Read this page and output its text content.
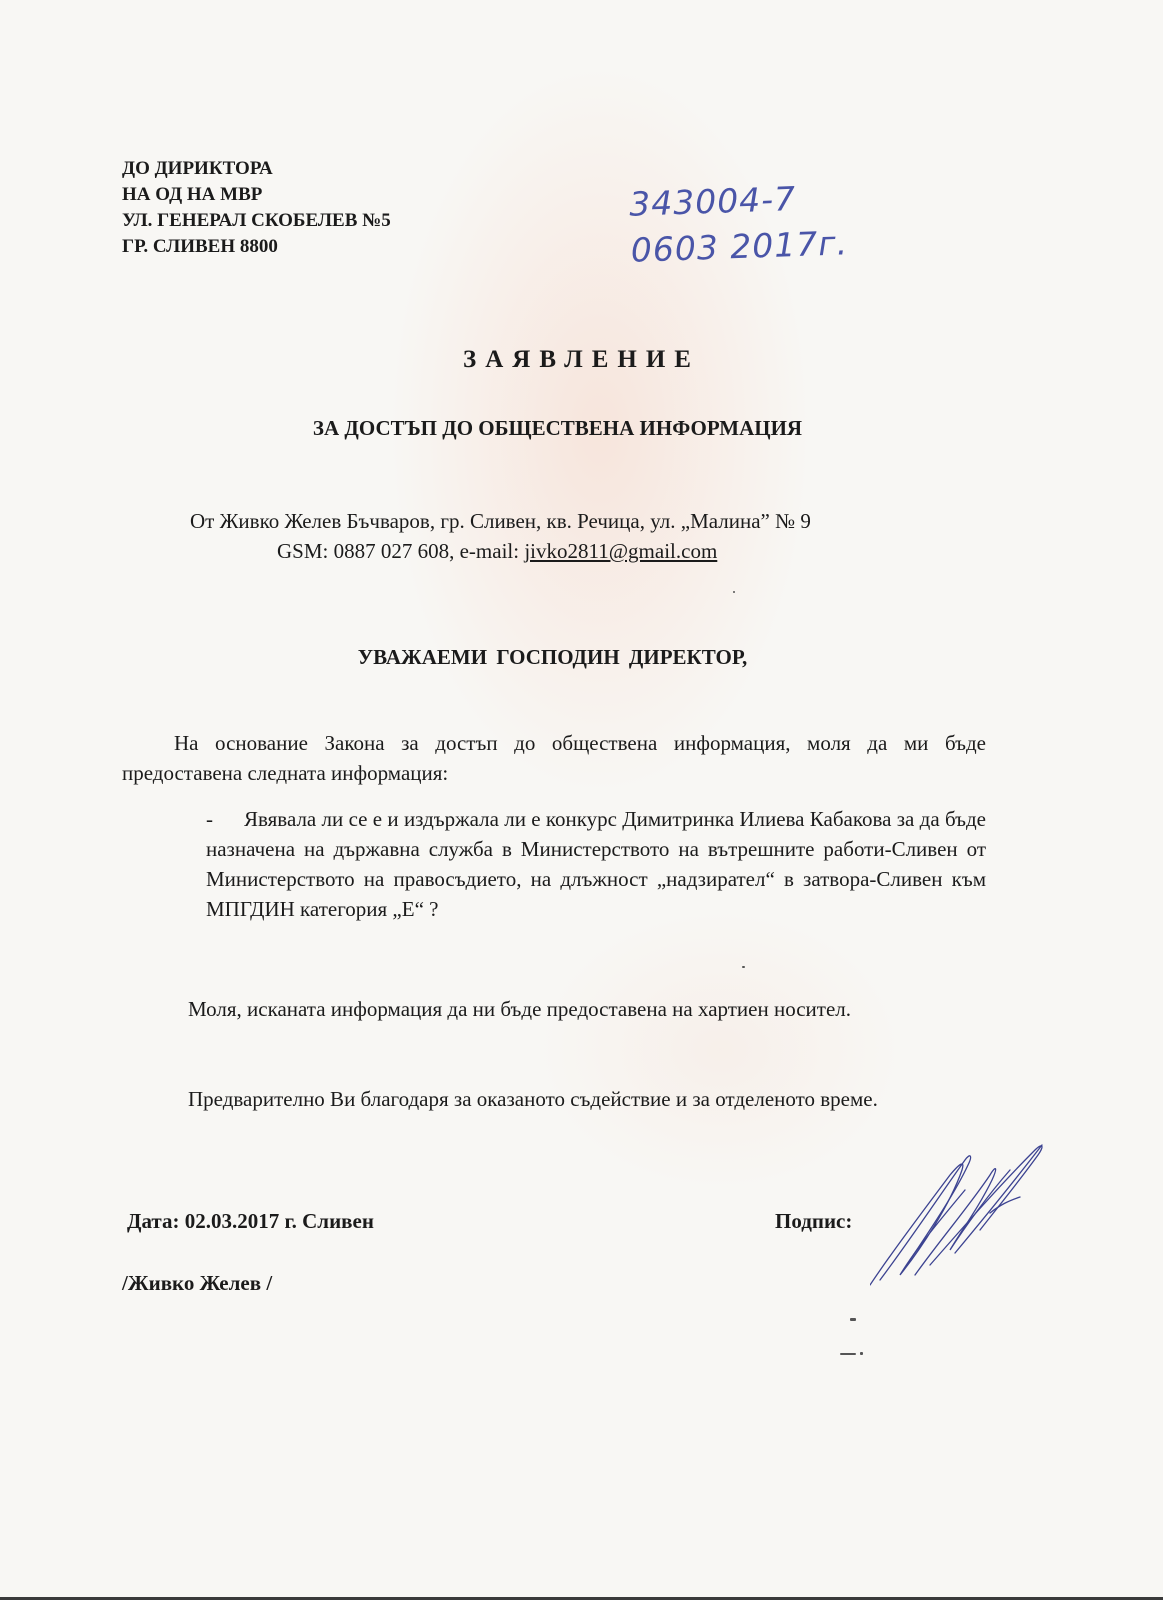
ДО ДИРИКТОРА
НА ОД НА МВР
УЛ. ГЕНЕРАЛ СКОБЕЛЕВ №5
ГР. СЛИВЕН 8800
343004-7
0603 2017г.
ЗАЯВЛЕНИЕ
ЗА ДОСТЪП ДО ОБЩЕСТВЕНА ИНФОРМАЦИЯ
От Живко Желев Бъчваров, гр. Сливен, кв. Речица, ул. „Малина” № 9
GSM: 0887 027 608, e-mail: jivko2811@gmail.com
УВАЖАЕМИ ГОСПОДИН ДИРЕКТОР,
На основание Закона за достъп до обществена информация, моля да ми бъде предоставена следната информация:
- Явявала ли се е и издържала ли е конкурс Димитринка Илиева Кабакова за да бъде назначена на държавна служба в Министерството на вътрешните работи-Сливен от Министерството на правосъдието, на длъжност „надзирател“ в затвора-Сливен към МПГДИН категория „Е“ ?
Моля, исканата информация да ни бъде предоставена на хартиен носител.
Предварително Ви благодаря за оказаното съдействие и за отделеното време.
Дата: 02.03.2017 г. Сливен	Подпис:
/Живко Желев /
